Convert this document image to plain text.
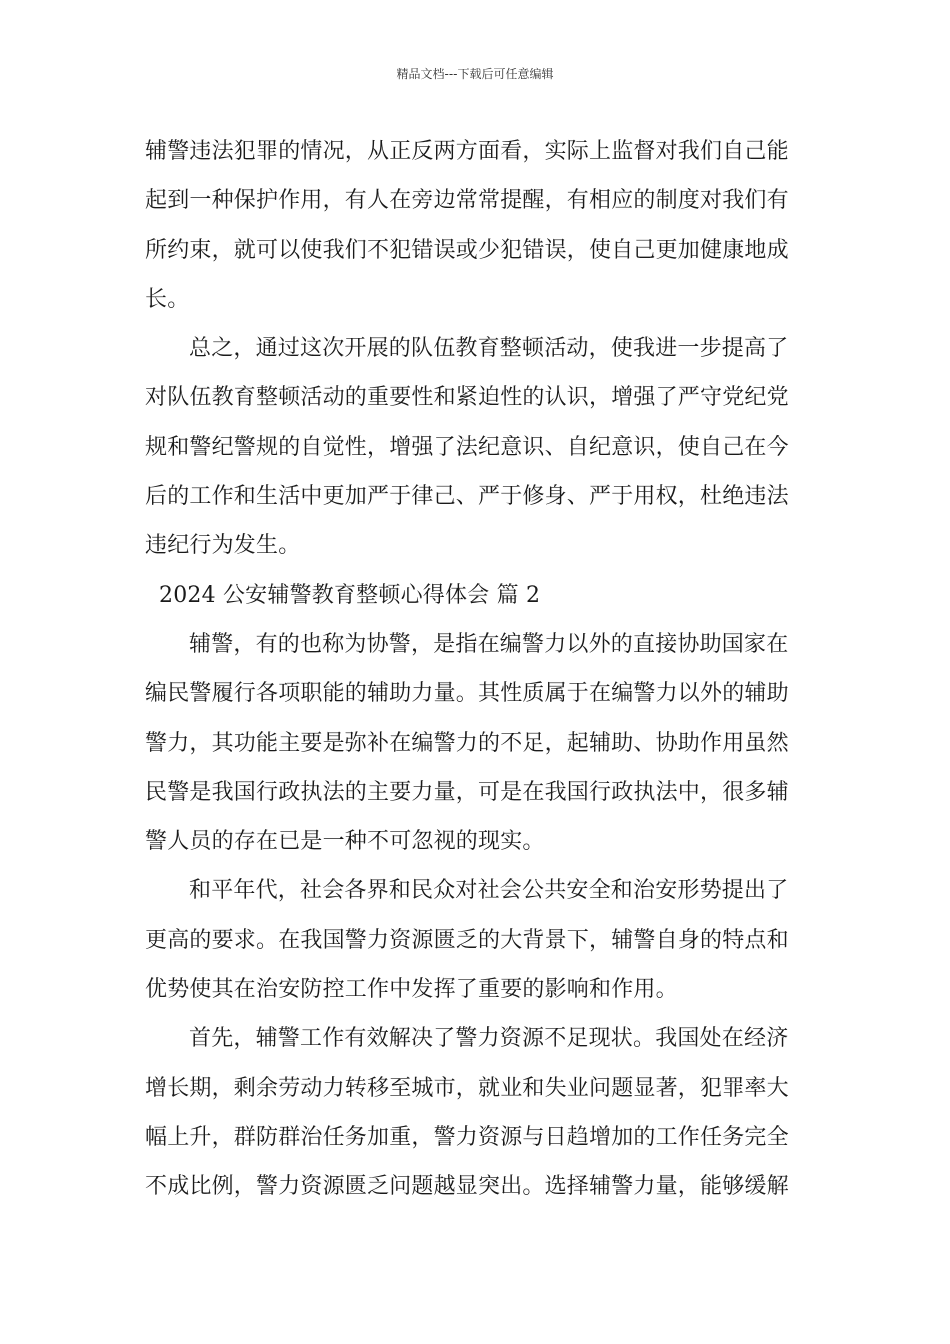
精品文档---下载后可任意编辑
辅警违法犯罪的情况，从正反两方面看，实际上监督对我们自己能
起到一种保护作用，有人在旁边常常提醒，有相应的制度对我们有
所约束，就可以使我们不犯错误或少犯错误，使自己更加健康地成
长。
总之，通过这次开展的队伍教育整顿活动，使我进一步提高了
对队伍教育整顿活动的重要性和紧迫性的认识，增强了严守党纪党
规和警纪警规的自觉性，增强了法纪意识、自纪意识，使自己在今
后的工作和生活中更加严于律己、严于修身、严于用权，杜绝违法
违纪行为发生。
2024 公安辅警教育整顿心得体会 篇 2
辅警，有的也称为协警，是指在编警力以外的直接协助国家在
编民警履行各项职能的辅助力量。其性质属于在编警力以外的辅助
警力，其功能主要是弥补在编警力的不足，起辅助、协助作用虽然
民警是我国行政执法的主要力量，可是在我国行政执法中，很多辅
警人员的存在已是一种不可忽视的现实。
和平年代，社会各界和民众对社会公共安全和治安形势提出了
更高的要求。在我国警力资源匮乏的大背景下，辅警自身的特点和
优势使其在治安防控工作中发挥了重要的影响和作用。
首先，辅警工作有效解决了警力资源不足现状。我国处在经济
增长期，剩余劳动力转移至城市，就业和失业问题显著，犯罪率大
幅上升，群防群治任务加重，警力资源与日趋增加的工作任务完全
不成比例，警力资源匮乏问题越显突出。选择辅警力量，能够缓解
